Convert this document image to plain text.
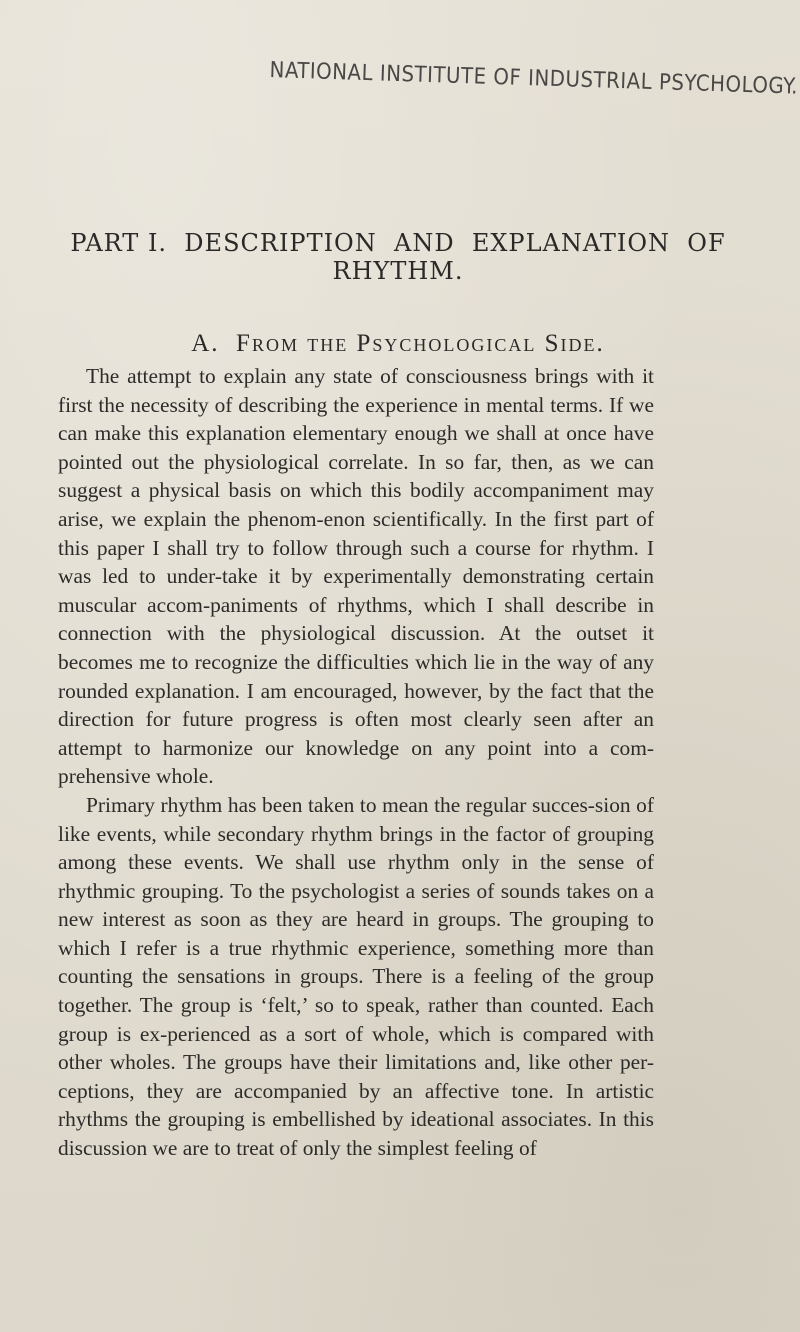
NATIONAL INSTITUTE OF INDUSTRIAL PSYCHOLOGY.
PART I.  DESCRIPTION  AND  EXPLANATION  OF
RHYTHM.
A.  From the Psychological Side.

The attempt to explain any state of consciousness brings with it first the necessity of describing the experience in mental terms. If we can make this explanation elementary enough we shall at once have pointed out the physiological correlate. In so far, then, as we can suggest a physical basis on which this bodily accompaniment may arise, we explain the phenom-enon scientifically. In the first part of this paper I shall try to follow through such a course for rhythm. I was led to under-take it by experimentally demonstrating certain muscular accom-paniments of rhythms, which I shall describe in connection with the physiological discussion. At the outset it becomes me to recognize the difficulties which lie in the way of any rounded explanation. I am encouraged, however, by the fact that the direction for future progress is often most clearly seen after an attempt to harmonize our knowledge on any point into a com-prehensive whole.

Primary rhythm has been taken to mean the regular succes-sion of like events, while secondary rhythm brings in the factor of grouping among these events. We shall use rhythm only in the sense of rhythmic grouping. To the psychologist a series of sounds takes on a new interest as soon as they are heard in groups. The grouping to which I refer is a true rhythmic experience, something more than counting the sensations in groups. There is a feeling of the group together. The group is ‘felt,’ so to speak, rather than counted. Each group is ex-perienced as a sort of whole, which is compared with other wholes. The groups have their limitations and, like other per-ceptions, they are accompanied by an affective tone. In artistic rhythms the grouping is embellished by ideational associates. In this discussion we are to treat of only the simplest feeling of
